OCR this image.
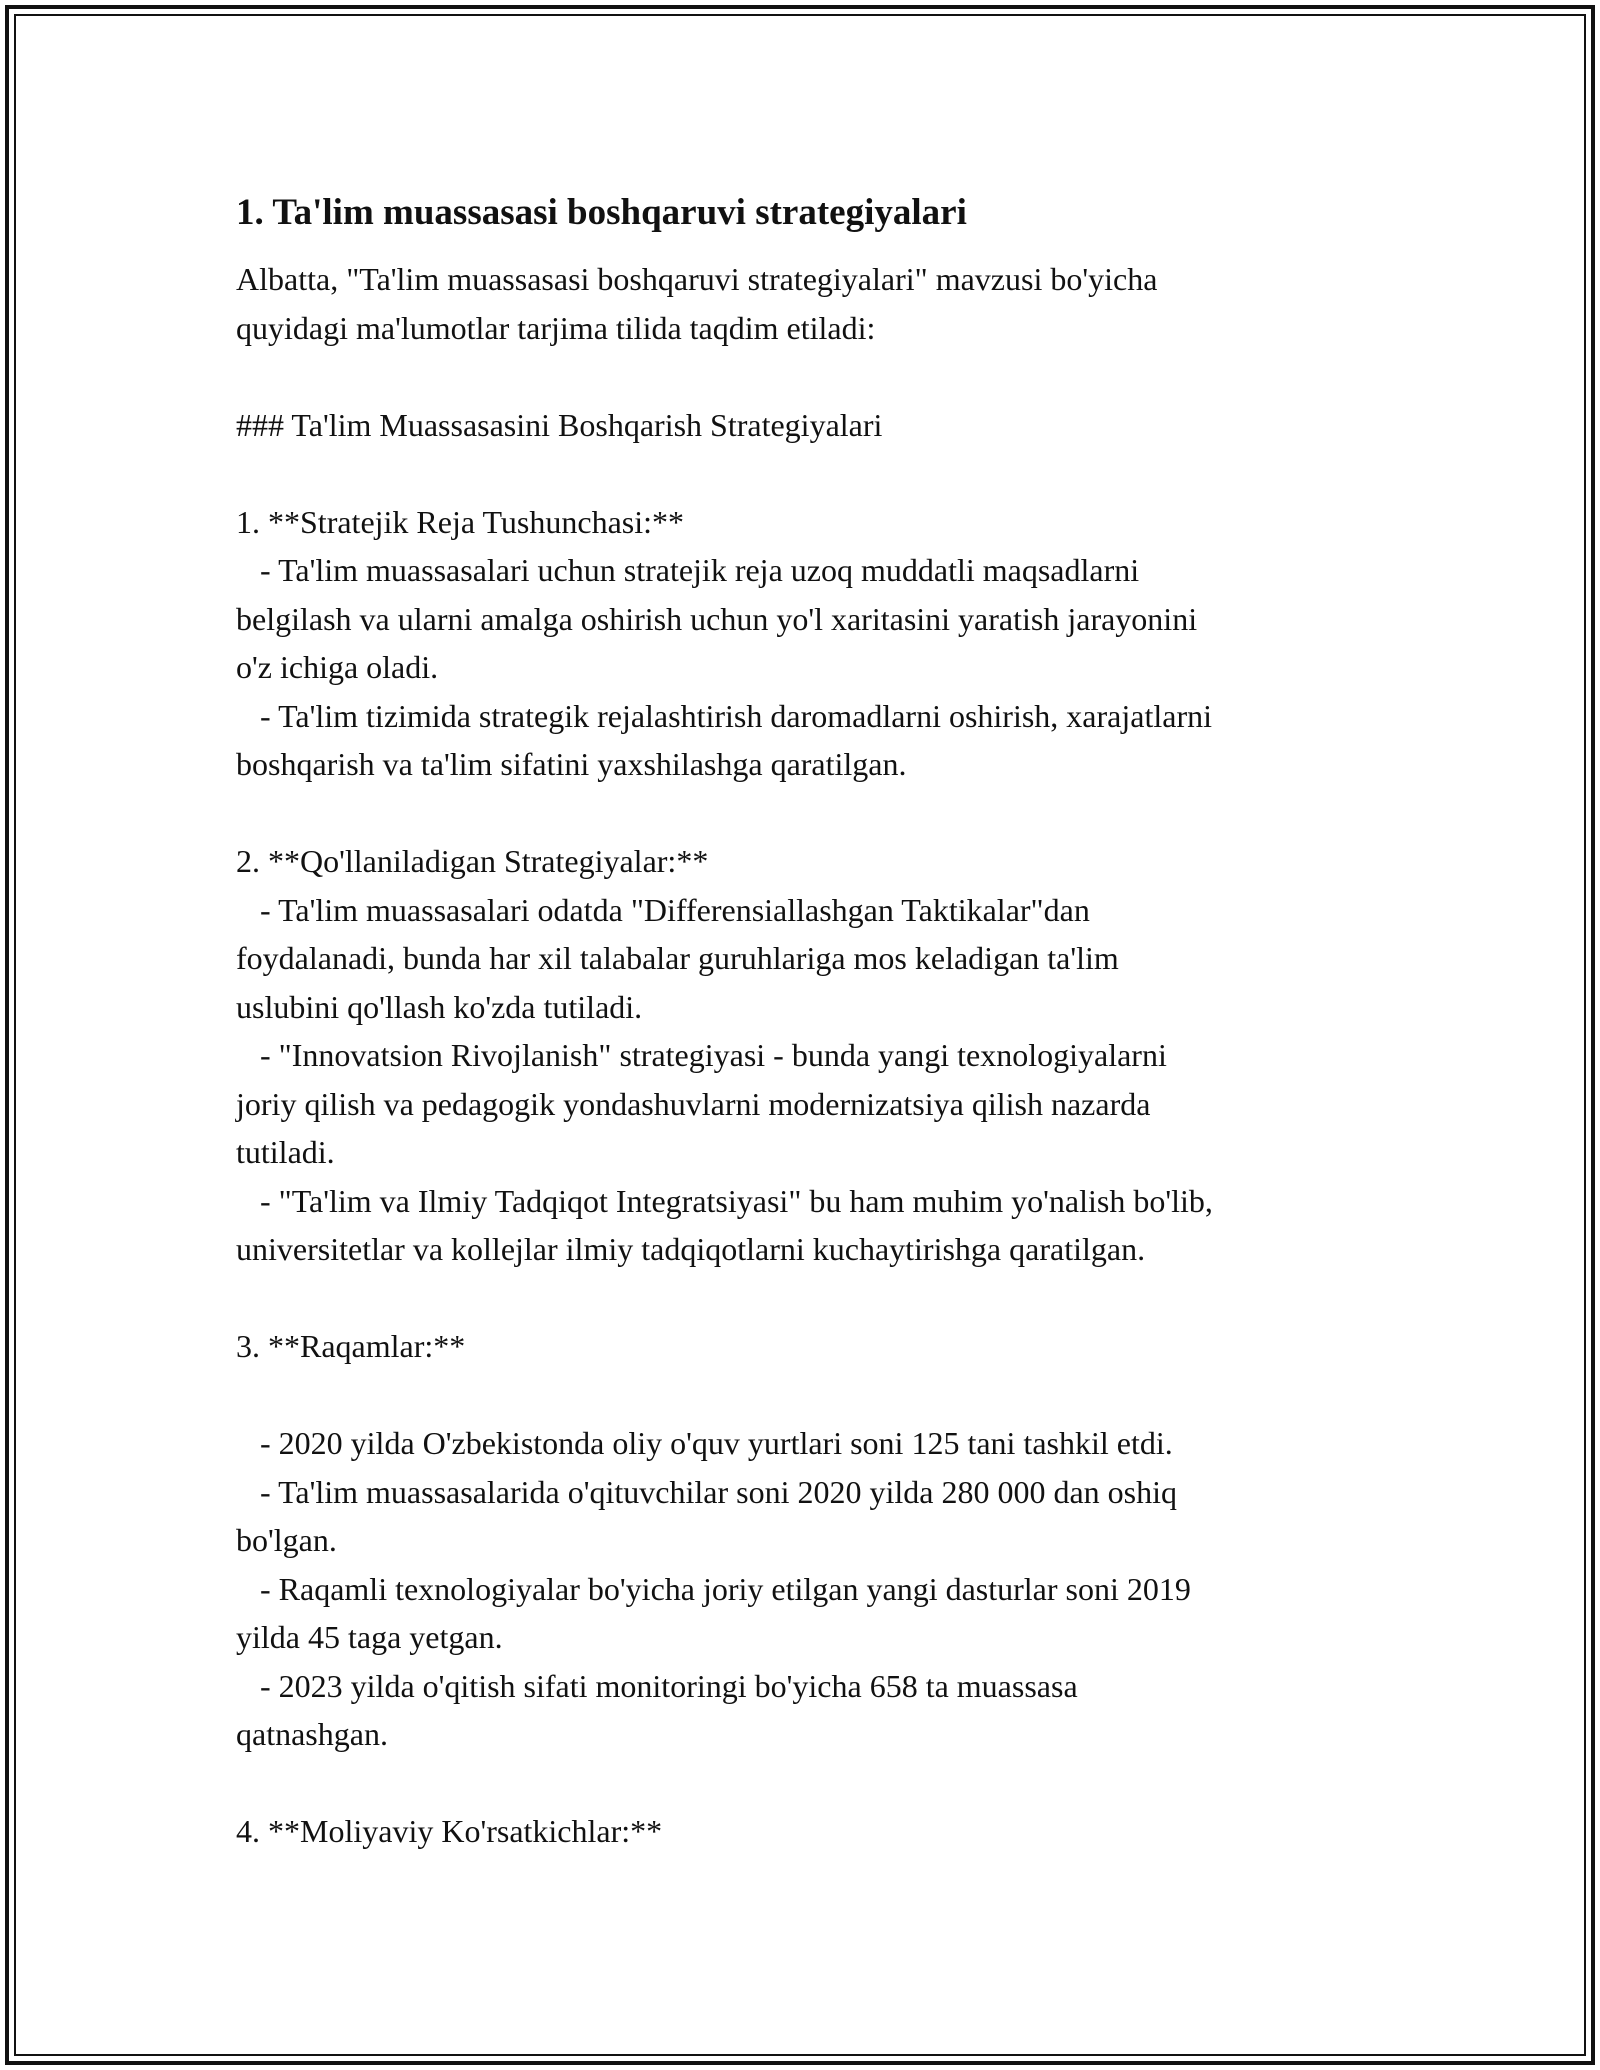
1. Ta'lim muassasasi boshqaruvi strategiyalari

Albatta, "Ta'lim muassasasi boshqaruvi strategiyalari" mavzusi bo'yicha
quyidagi ma'lumotlar tarjima tilida taqdim etiladi:

### Ta'lim Muassasasini Boshqarish Strategiyalari

1. **Stratejik Reja Tushunchasi:**
- Ta'lim muassasalari uchun stratejik reja uzoq muddatli maqsadlarni
belgilash va ularni amalga oshirish uchun yo'l xaritasini yaratish jarayonini
o'z ichiga oladi.
- Ta'lim tizimida strategik rejalashtirish daromadlarni oshirish, xarajatlarni
boshqarish va ta'lim sifatini yaxshilashga qaratilgan.

2. **Qo'llaniladigan Strategiyalar:**
- Ta'lim muassasalari odatda "Differensiallashgan Taktikalar"dan
foydalanadi, bunda har xil talabalar guruhlariga mos keladigan ta'lim
uslubini qo'llash ko'zda tutiladi.
- "Innovatsion Rivojlanish" strategiyasi - bunda yangi texnologiyalarni
joriy qilish va pedagogik yondashuvlarni modernizatsiya qilish nazarda
tutiladi.
- "Ta'lim va Ilmiy Tadqiqot Integratsiyasi" bu ham muhim yo'nalish bo'lib,
universitetlar va kollejlar ilmiy tadqiqotlarni kuchaytirishga qaratilgan.

3. **Raqamlar:**

- 2020 yilda O'zbekistonda oliy o'quv yurtlari soni 125 tani tashkil etdi.
- Ta'lim muassasalarida o'qituvchilar soni 2020 yilda 280 000 dan oshiq
bo'lgan.
- Raqamli texnologiyalar bo'yicha joriy etilgan yangi dasturlar soni 2019
yilda 45 taga yetgan.
- 2023 yilda o'qitish sifati monitoringi bo'yicha 658 ta muassasa
qatnashgan.

4. **Moliyaviy Ko'rsatkichlar:**
